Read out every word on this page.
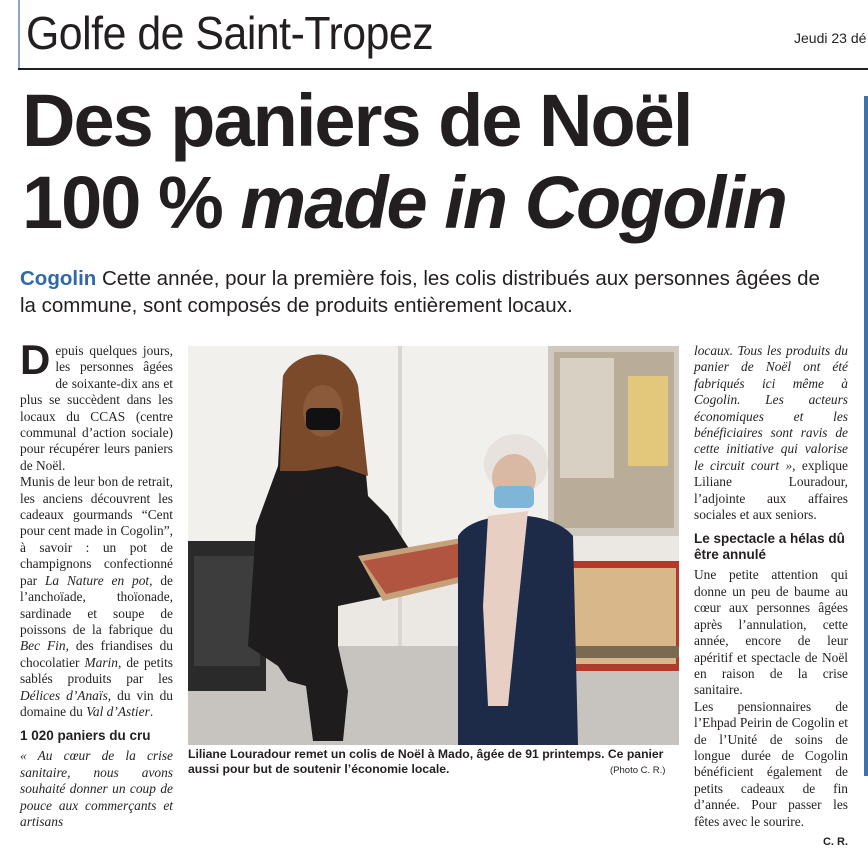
Golfe de Saint-Tropez	Jeudi 23 dé
Des paniers de Noël
100 % made in Cogolin

Cogolin Cette année, pour la première fois, les colis distribués aux personnes âgées de la commune, sont composés de produits entièrement locaux.

Depuis quelques jours, les personnes âgées de soixante-dix ans et plus se succèdent dans les locaux du CCAS (centre communal d’action sociale) pour récupérer leurs paniers de Noël.

Munis de leur bon de retrait, les anciens découvrent les cadeaux gourmands “Cent pour cent made in Cogolin”, à savoir : un pot de champignons confectionné par La Nature en pot, de l’anchoïade, thoïonade, sardinade et soupe de poissons de la fabrique du Bec Fin, des friandises du chocolatier Marin, de petits sablés produits par les Délices d’Anaïs, du vin du domaine du Val d’Astier.

1 020 paniers du cru

« Au cœur de la crise sanitaire, nous avons souhaité donner un coup de pouce aux commerçants et artisans

Liliane Louradour remet un colis de Noël à Mado, âgée de 91 printemps. Ce panier aussi pour but de soutenir l’économie locale.	(Photo C. R.)

locaux. Tous les produits du panier de Noël ont été fabriqués ici même à Cogolin. Les acteurs économiques et les bénéficiaires sont ravis de cette initiative qui valorise le circuit court », explique Liliane Louradour, l’adjointe aux affaires sociales et aux seniors.

Le spectacle a hélas dû être annulé

Une petite attention qui donne un peu de baume au cœur aux personnes âgées après l’annulation, cette année, encore de leur apéritif et spectacle de Noël en raison de la crise sanitaire.

Les pensionnaires de l’Ehpad Peirin de Cogolin et de l’Unité de soins de longue durée de Cogolin bénéficient également de petits cadeaux de fin d’année. Pour passer les fêtes avec le sourire.

C. R.
